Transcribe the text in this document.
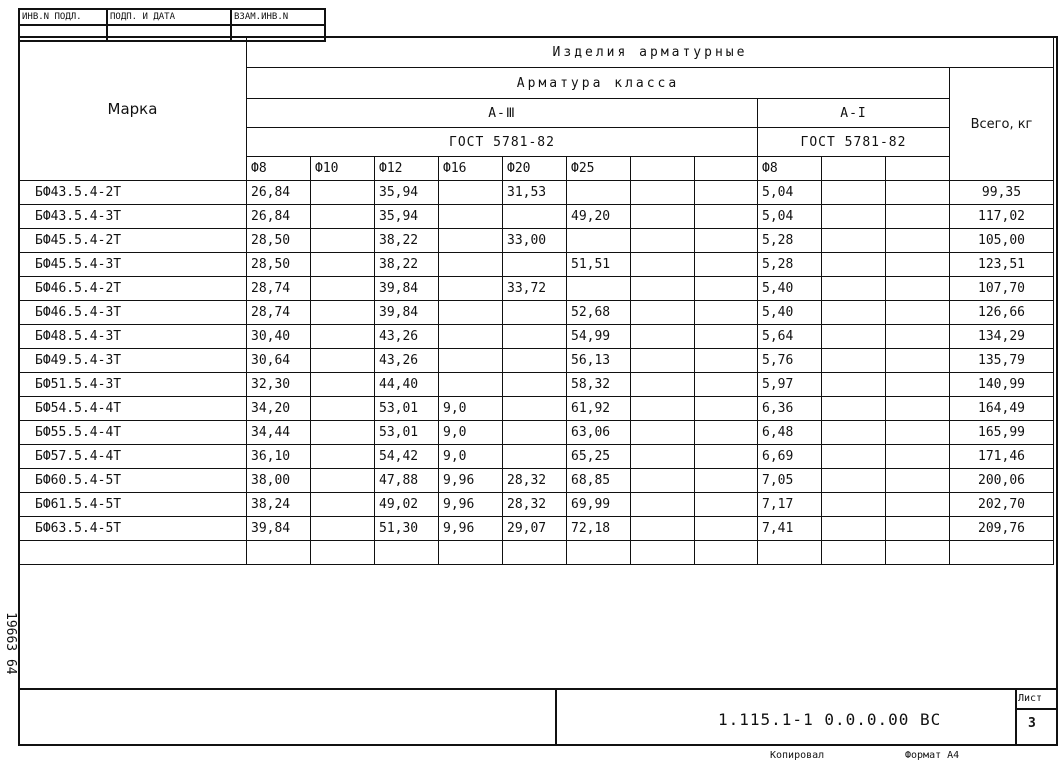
ИНВ.N ПОДЛ.	ПОДП. И ДАТА	ВЗАМ.ИНВ.N

Марка	Изделия арматурные											
	Арматура класса											Всего, кг
	А-Ⅲ								А-I			
	ГОСТ 5781-82								ГОСТ 5781-82			
	Ф8	Ф10	Ф12	Ф16	Ф20	Ф25			Ф8			
БФ43.5.4-2Т	26,84		35,94		31,53				5,04			99,35
БФ43.5.4-3Т	26,84		35,94			49,20			5,04			117,02
БФ45.5.4-2Т	28,50		38,22		33,00				5,28			105,00
БФ45.5.4-3Т	28,50		38,22			51,51			5,28			123,51
БФ46.5.4-2Т	28,74		39,84		33,72				5,40			107,70
БФ46.5.4-3Т	28,74		39,84			52,68			5,40			126,66
БФ48.5.4-3Т	30,40		43,26			54,99			5,64			134,29
БФ49.5.4-3Т	30,64		43,26			56,13			5,76			135,79
БФ51.5.4-3Т	32,30		44,40			58,32			5,97			140,99
БФ54.5.4-4Т	34,20		53,01	9,0		61,92			6,36			164,49
БФ55.5.4-4Т	34,44		53,01	9,0		63,06			6,48			165,99
БФ57.5.4-4Т	36,10		54,42	9,0		65,25			6,69			171,46
БФ60.5.4-5Т	38,00		47,88	9,96	28,32	68,85			7,05			200,06
БФ61.5.4-5Т	38,24		49,02	9,96	28,32	69,99			7,17			202,70
БФ63.5.4-5Т	39,84		51,30	9,96	29,07	72,18			7,41			209,76

1.115.1-1 0.0.0.00 ВС
Лист
3
Копировал	Формат А4
19663 64
